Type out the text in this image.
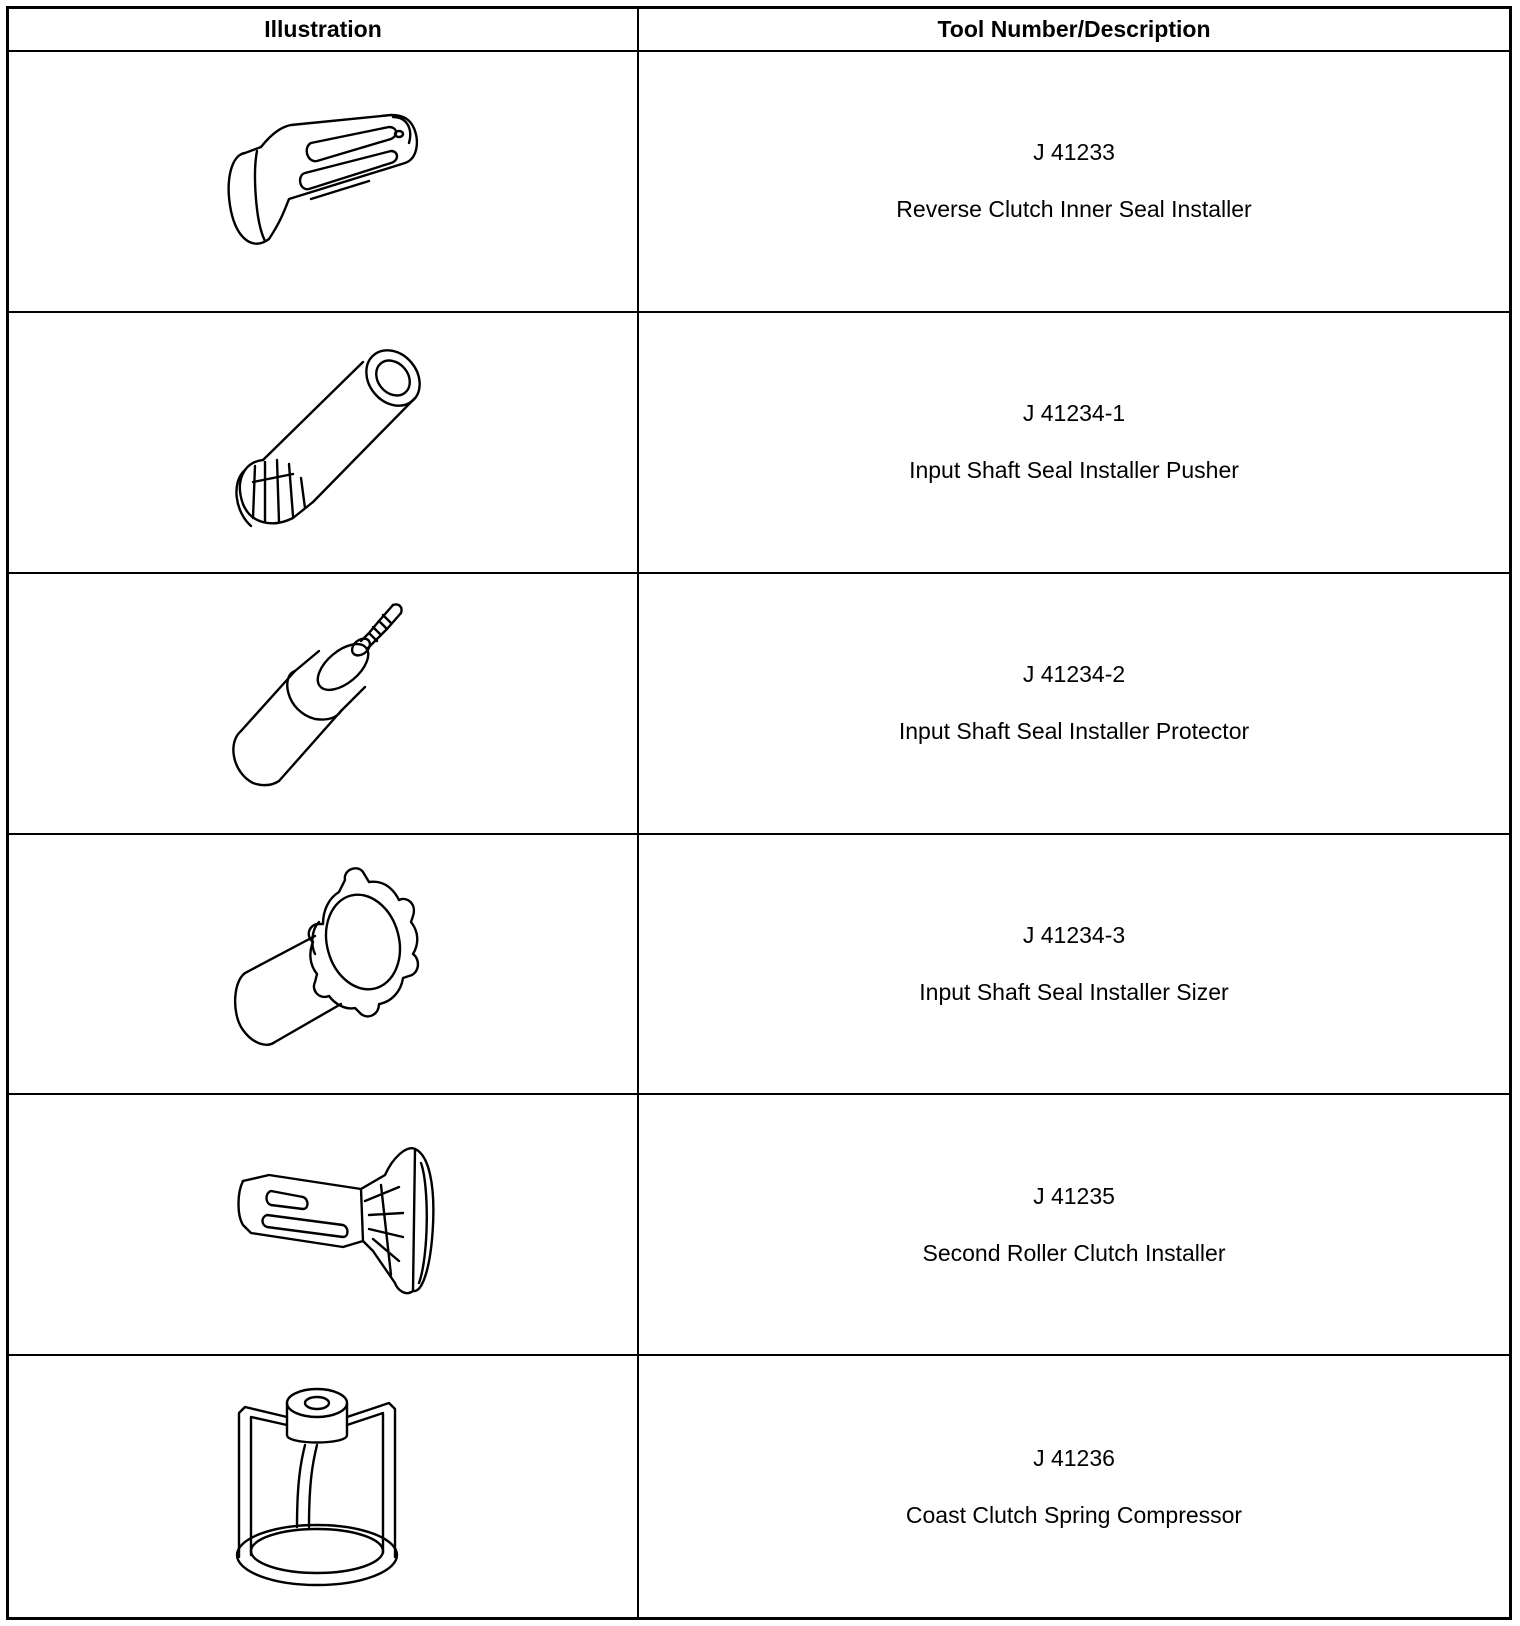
Illustration	Tool Number/Description
J 41233
Reverse Clutch Inner Seal Installer
J 41234-1
Input Shaft Seal Installer Pusher
J 41234-2
Input Shaft Seal Installer Protector
J 41234-3
Input Shaft Seal Installer Sizer
J 41235
Second Roller Clutch Installer
J 41236
Coast Clutch Spring Compressor
